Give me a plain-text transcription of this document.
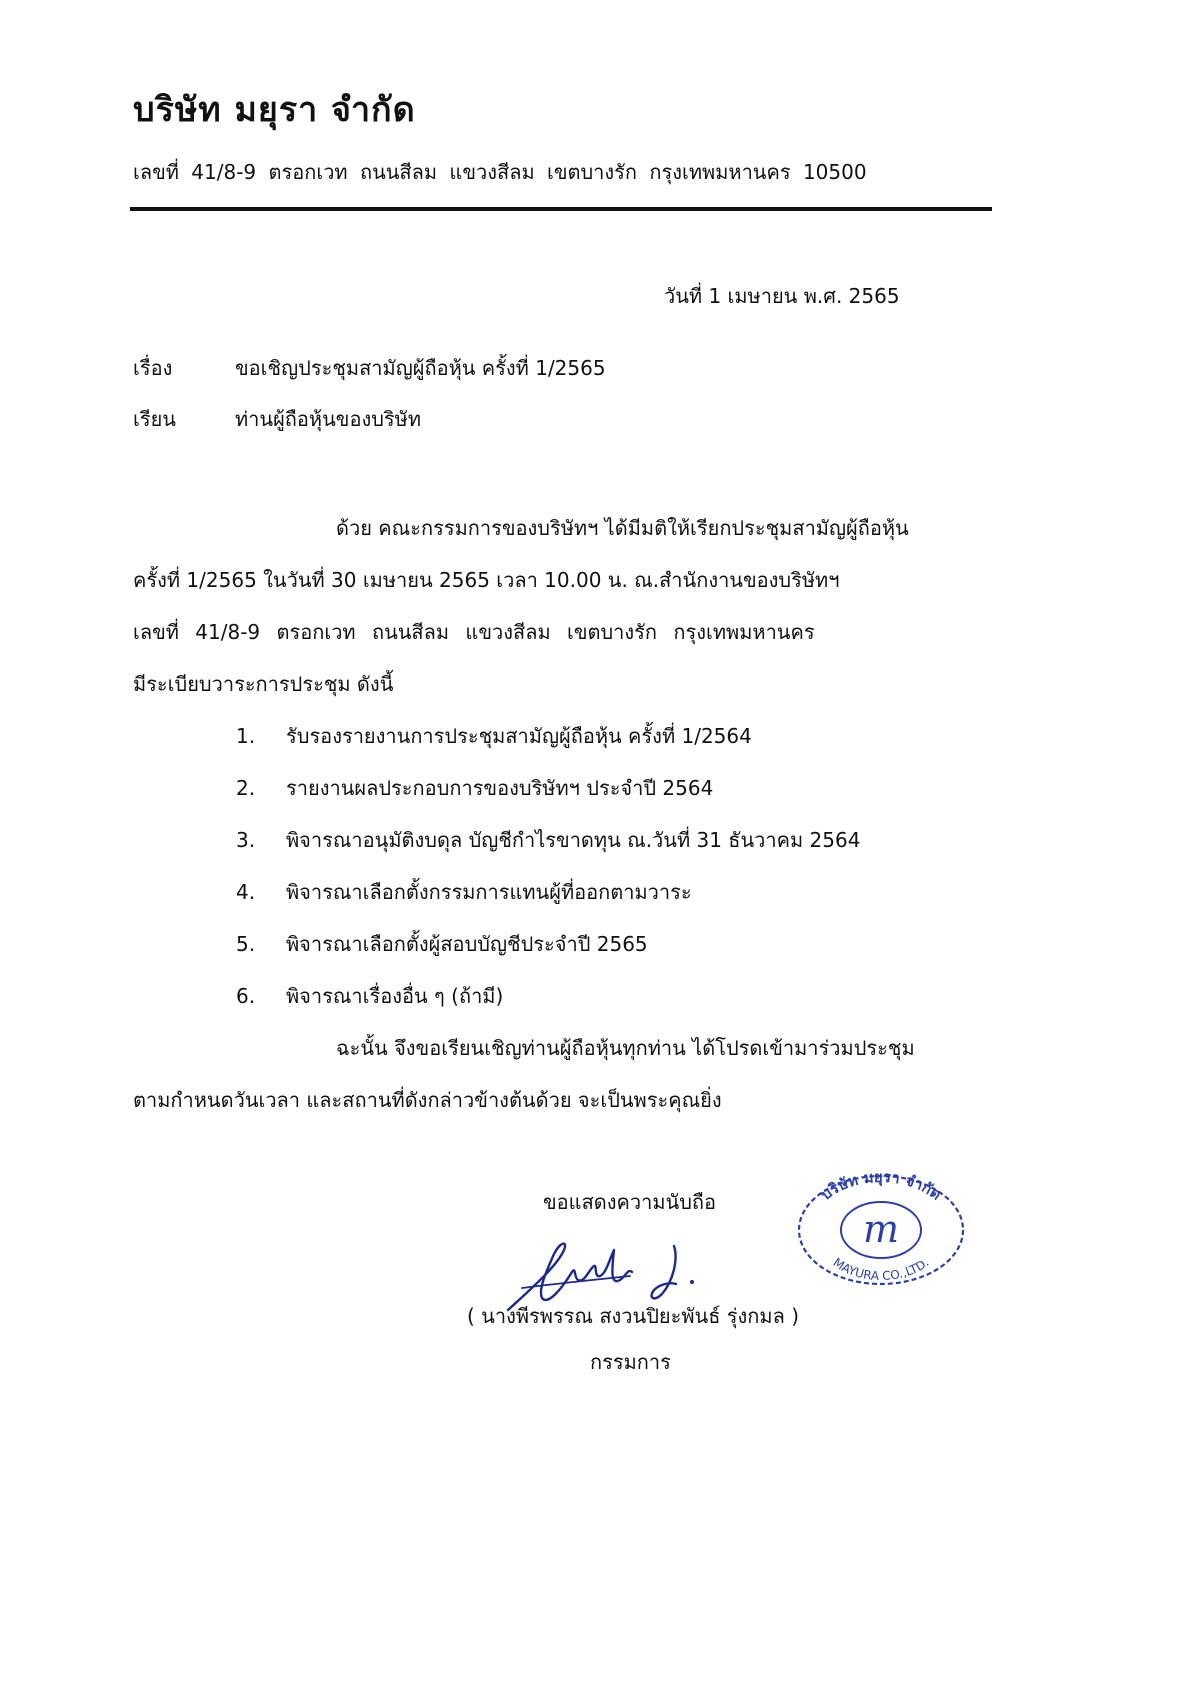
บริษัท มยุรา จำกัด
เลขที่ 41/8-9 ตรอกเวท ถนนสีลม แขวงสีลม เขตบางรัก กรุงเทพมหานคร 10500
วันที่ 1 เมษายน พ.ศ. 2565
เรื่อง	ขอเชิญประชุมสามัญผู้ถือหุ้น ครั้งที่ 1/2565
เรียน	ท่านผู้ถือหุ้นของบริษัท
ด้วย คณะกรรมการของบริษัทฯ ได้มีมติให้เรียกประชุมสามัญผู้ถือหุ้น
ครั้งที่ 1/2565 ในวันที่ 30 เมษายน 2565 เวลา 10.00 น. ณ.สำนักงานของบริษัทฯ
เลขที่ 41/8-9 ตรอกเวท ถนนสีลม แขวงสีลม เขตบางรัก กรุงเทพมหานคร
มีระเบียบวาระการประชุม ดังนี้
1. รับรองรายงานการประชุมสามัญผู้ถือหุ้น ครั้งที่ 1/2564
2. รายงานผลประกอบการของบริษัทฯ ประจำปี 2564
3. พิจารณาอนุมัติงบดุล บัญชีกำไรขาดทุน ณ.วันที่ 31 ธันวาคม 2564
4. พิจารณาเลือกตั้งกรรมการแทนผู้ที่ออกตามวาระ
5. พิจารณาเลือกตั้งผู้สอบบัญชีประจำปี 2565
6. พิจารณาเรื่องอื่น ๆ (ถ้ามี)
ฉะนั้น จึงขอเรียนเชิญท่านผู้ถือหุ้นทุกท่าน ได้โปรดเข้ามาร่วมประชุม
ตามกำหนดวันเวลา และสถานที่ดังกล่าวข้างต้นด้วย จะเป็นพระคุณยิ่ง
ขอแสดงความนับถือ
( นางพีรพรรณ สงวนปิยะพันธ์ รุ่งกมล )
กรรมการ
บริษัท มยุรา จำกัด
MAYURA CO.,LTD.
m
